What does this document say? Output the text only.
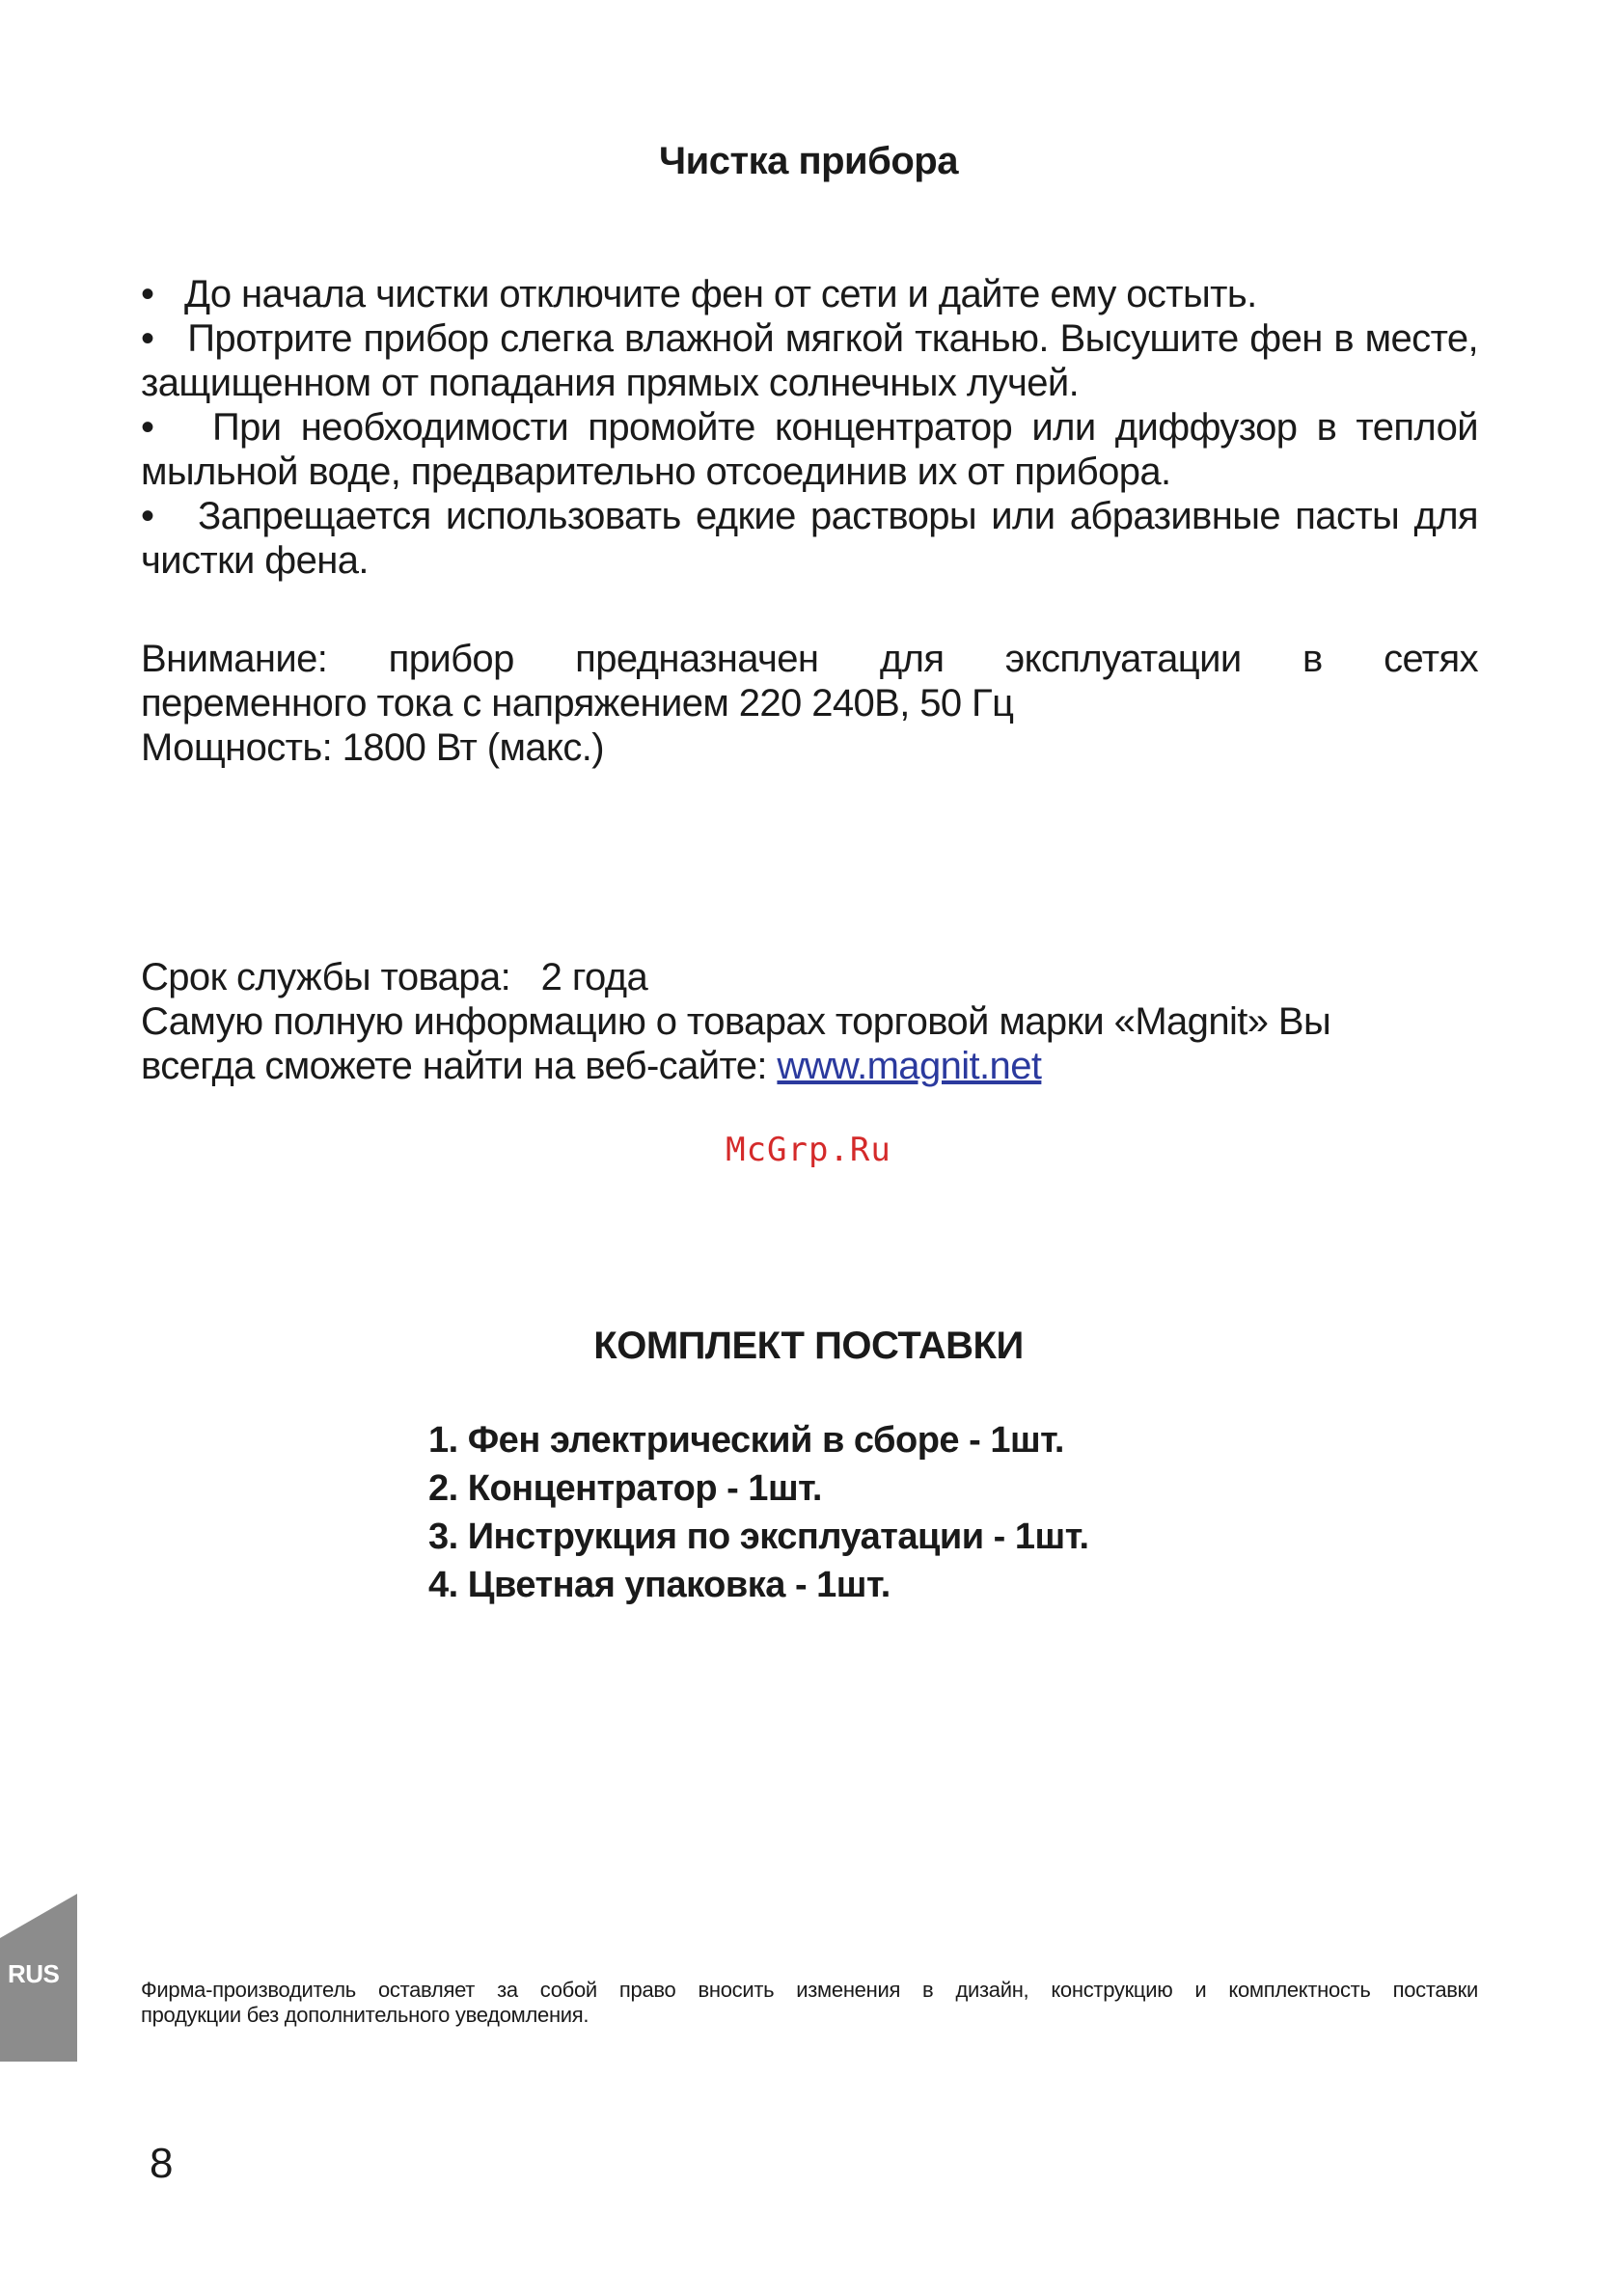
Чистка прибора
• До начала чистки отключите фен от сети и дайте ему остыть.
• Протрите прибор слегка влажной мягкой тканью. Высушите фен в месте, защищенном от попадания прямых солнечных лучей.
• При необходимости промойте концентратор или диффузор в теплой мыльной воде, предварительно отсоединив их от прибора.
• Запрещается использовать едкие растворы или абразивные пасты для чистки фена.
Внимание: прибор предназначен для эксплуатации в сетях
переменного тока с напряжением 220 240В, 50 Гц
Мощность: 1800 Вт (макс.)
Срок службы товара:   2 года
Самую полную информацию о товарах торговой марки «Magnit» Вы
всегда сможете найти на веб-сайте: www.magnit.net
McGrp.Ru
КОМПЛЕКТ ПОСТАВКИ
1. Фен электрический в сборе - 1шт.
2. Концентратор - 1шт.
3. Инструкция по эксплуатации - 1шт.
4. Цветная упаковка - 1шт.
RUS
Фирма-производитель оставляет за собой право вносить изменения в дизайн, конструкцию и комплектность поставки
продукции без дополнительного уведомления.
8
